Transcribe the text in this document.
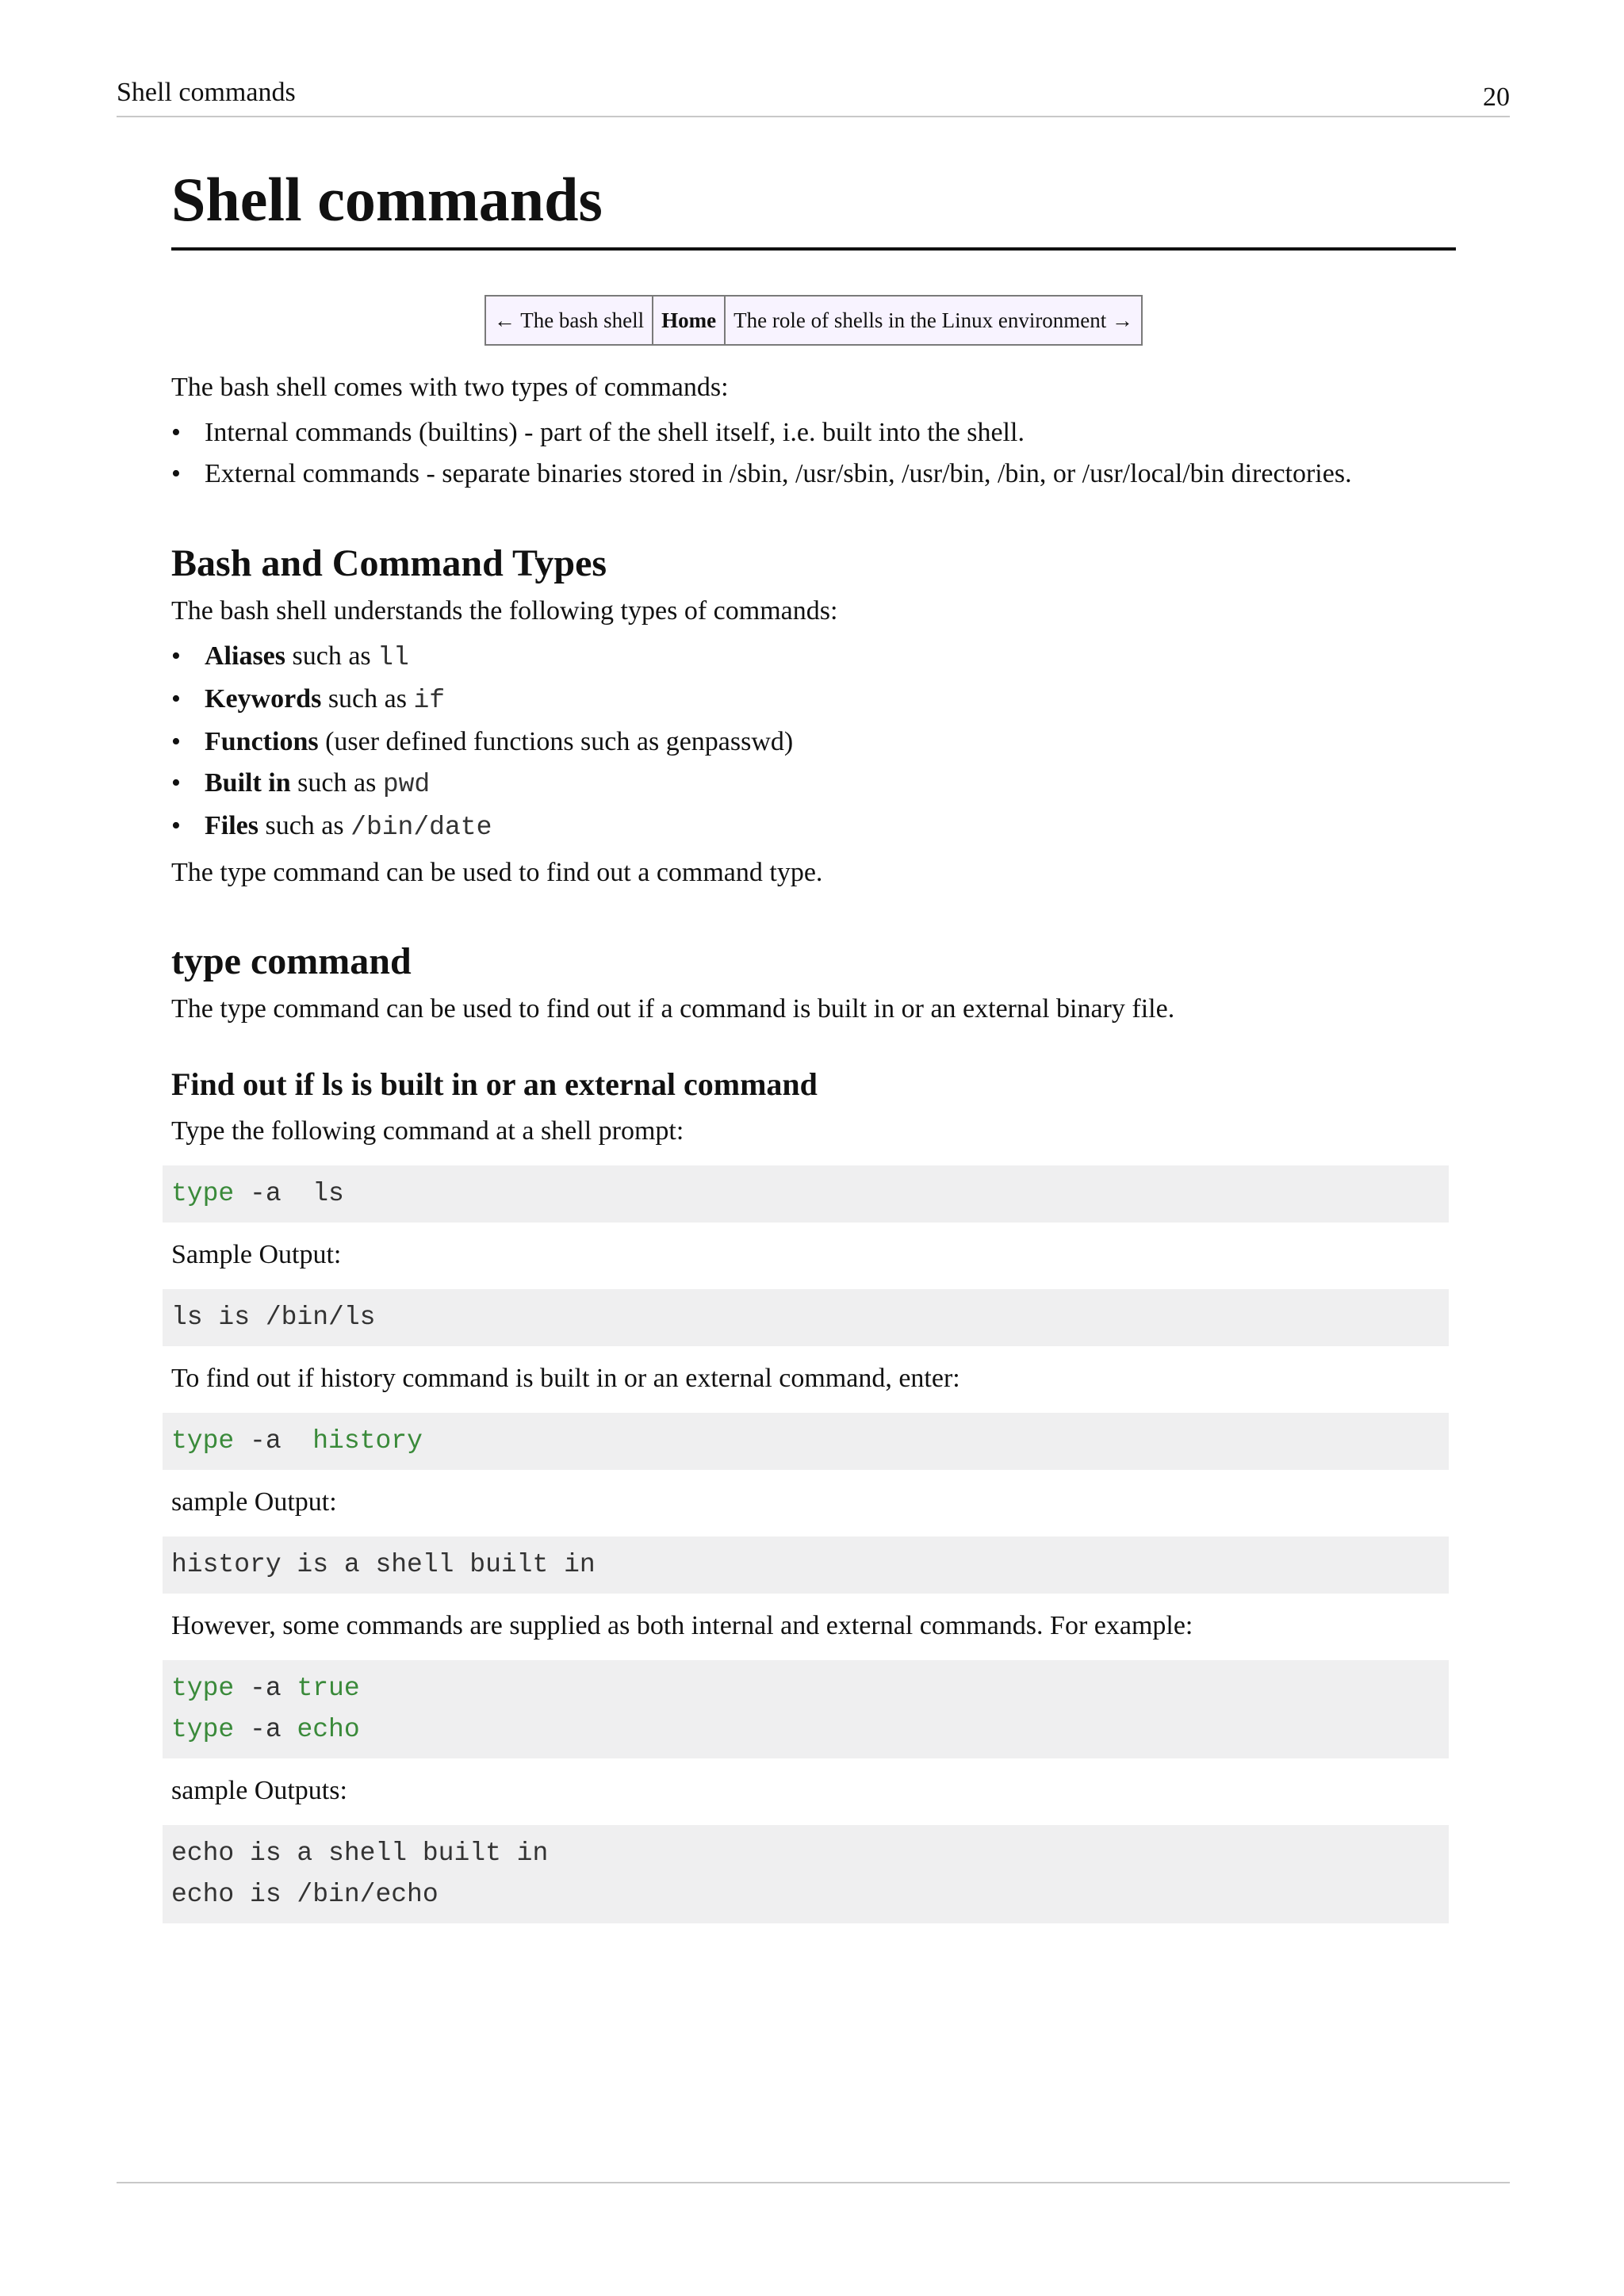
Shell commands	20
Shell commands
← The bash shell	Home	The role of shells in the Linux environment →

The bash shell comes with two types of commands:

• Internal commands (builtins) - part of the shell itself, i.e. built into the shell.
• External commands - separate binaries stored in /sbin, /usr/sbin, /usr/bin, /bin, or /usr/local/bin directories.
Bash and Command Types

The bash shell understands the following types of commands:

• Aliases such as ll
• Keywords such as if
• Functions (user defined functions such as genpasswd)
• Built in such as pwd
• Files such as /bin/date

The type command can be used to find out a command type.

type command

The type command can be used to find out if a command is built in or an external binary file.

Find out if ls is built in or an external command

Type the following command at a shell prompt:

type -a  ls

Sample Output:

ls is /bin/ls

To find out if history command is built in or an external command, enter:

type -a  history

sample Output:

history is a shell built in

However, some commands are supplied as both internal and external commands. For example:

type -a true
type -a echo

sample Outputs:

echo is a shell built in
echo is /bin/echo
